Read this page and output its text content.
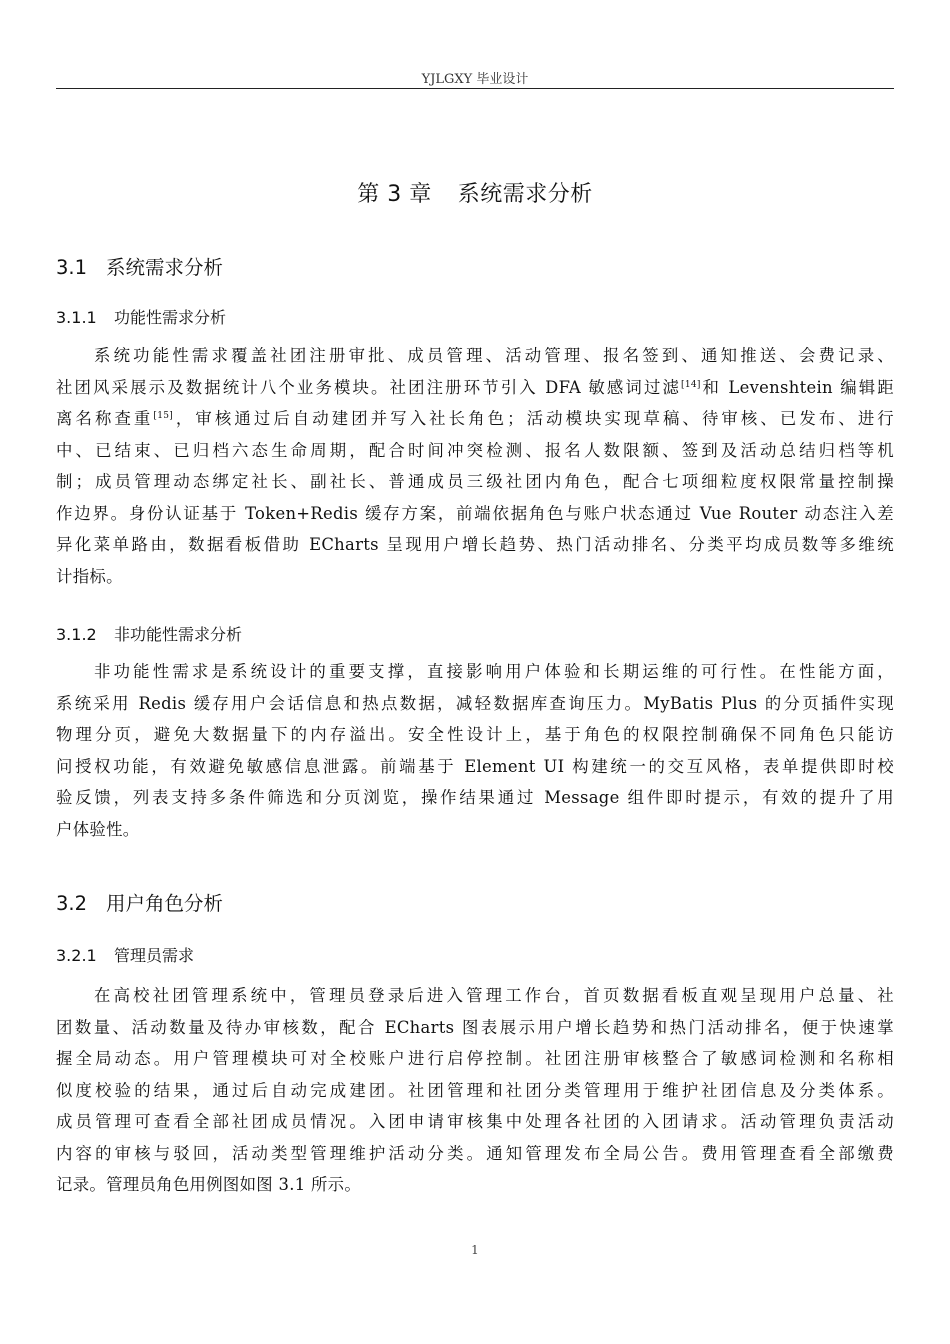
YJLGXY 毕业设计
第 3 章 系统需求分析
3.1 系统需求分析
3.1.1 功能性需求分析
系统功能性需求覆盖社团注册审批、成员管理、活动管理、报名签到、通知推送、会费记录、
社团风采展示及数据统计八个业务模块。社团注册环节引入 DFA 敏感词过滤[14]和 Levenshtein 编辑距
离名称查重[15]，审核通过后自动建团并写入社长角色；活动模块实现草稿、待审核、已发布、进行
中、已结束、已归档六态生命周期，配合时间冲突检测、报名人数限额、签到及活动总结归档等机
制；成员管理动态绑定社长、副社长、普通成员三级社团内角色，配合七项细粒度权限常量控制操
作边界。身份认证基于 Token+Redis 缓存方案，前端依据角色与账户状态通过 Vue Router 动态注入差
异化菜单路由，数据看板借助 ECharts 呈现用户增长趋势、热门活动排名、分类平均成员数等多维统
计指标。
3.1.2 非功能性需求分析
非功能性需求是系统设计的重要支撑，直接影响用户体验和长期运维的可行性。在性能方面，
系统采用 Redis 缓存用户会话信息和热点数据，减轻数据库查询压力。MyBatis Plus 的分页插件实现
物理分页，避免大数据量下的内存溢出。安全性设计上，基于角色的权限控制确保不同角色只能访
问授权功能，有效避免敏感信息泄露。前端基于 Element UI 构建统一的交互风格，表单提供即时校
验反馈，列表支持多条件筛选和分页浏览，操作结果通过 Message 组件即时提示，有效的提升了用
户体验性。
3.2 用户角色分析
3.2.1 管理员需求
在高校社团管理系统中，管理员登录后进入管理工作台，首页数据看板直观呈现用户总量、社
团数量、活动数量及待办审核数，配合 ECharts 图表展示用户增长趋势和热门活动排名，便于快速掌
握全局动态。用户管理模块可对全校账户进行启停控制。社团注册审核整合了敏感词检测和名称相
似度校验的结果，通过后自动完成建团。社团管理和社团分类管理用于维护社团信息及分类体系。
成员管理可查看全部社团成员情况。入团申请审核集中处理各社团的入团请求。活动管理负责活动
内容的审核与驳回，活动类型管理维护活动分类。通知管理发布全局公告。费用管理查看全部缴费
记录。管理员角色用例图如图 3.1 所示。
1
